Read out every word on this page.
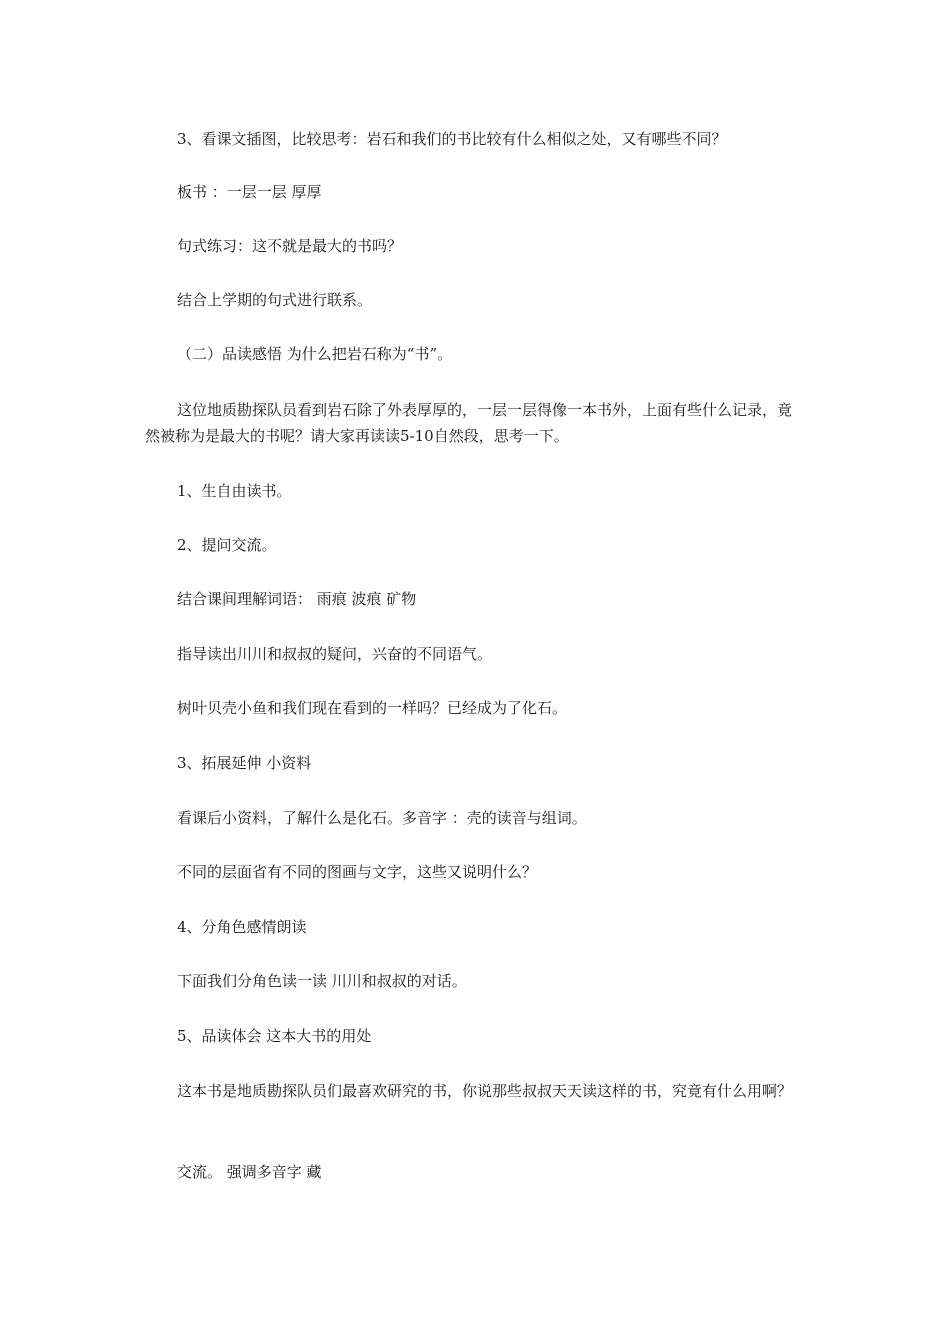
3、看课文插图，比较思考：岩石和我们的书比较有什么相似之处，又有哪些不同？

板书 ：一层一层 厚厚

句式练习：这不就是最大的书吗？

结合上学期的句式进行联系。

（二）品读感悟 为什么把岩石称为“书”。

这位地质勘探队员看到岩石除了外表厚厚的，一层一层得像一本书外，上面有些什么记录，竟然被称为是最大的书呢？请大家再读读5-10自然段，思考一下。

1、生自由读书。

2、提问交流。

结合课间理解词语： 雨痕 波痕 矿物

指导读出川川和叔叔的疑问，兴奋的不同语气。

树叶贝壳小鱼和我们现在看到的一样吗？已经成为了化石。

3、拓展延伸 小资料

看课后小资料，了解什么是化石。多音字 ：壳的读音与组词。

不同的层面省有不同的图画与文字，这些又说明什么？

4、分角色感情朗读

下面我们分角色读一读 川川和叔叔的对话。

5、品读体会 这本大书的用处

这本书是地质勘探队员们最喜欢研究的书，你说那些叔叔天天读这样的书，究竟有什么用啊？

交流。 强调多音字 藏
